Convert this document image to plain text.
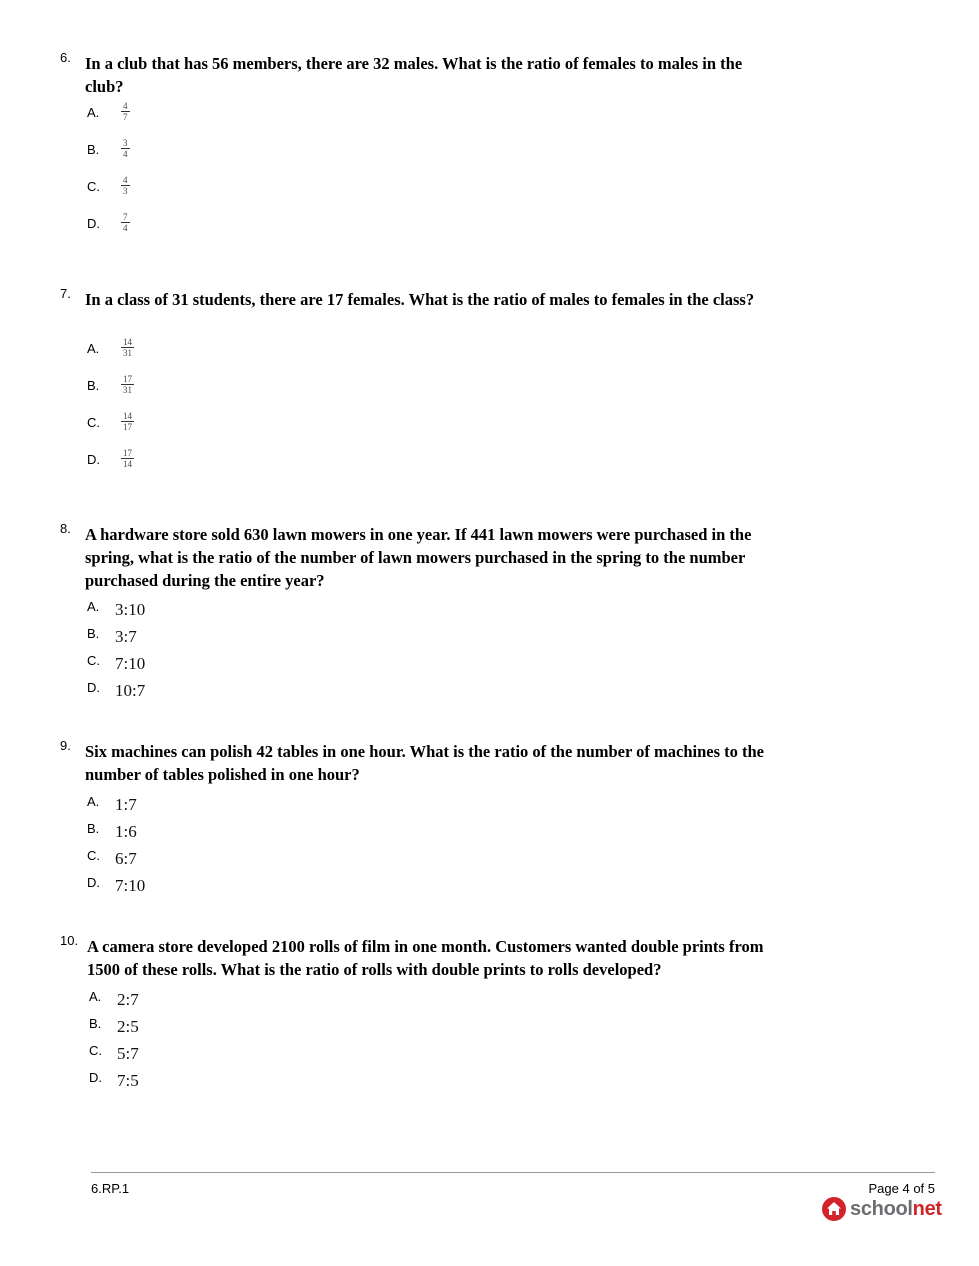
6. In a club that has 56 members, there are 32 males. What is the ratio of females to males in the club?
A. $\frac{4}{7}$
B. $\frac{3}{4}$
C. $\frac{4}{3}$
D. $\frac{7}{4}$
7. In a class of 31 students, there are 17 females. What is the ratio of males to females in the class?
A. $\frac{14}{31}$
B. $\frac{17}{31}$
C. $\frac{14}{17}$
D. $\frac{17}{14}$
8. A hardware store sold 630 lawn mowers in one year. If 441 lawn mowers were purchased in the spring, what is the ratio of the number of lawn mowers purchased in the spring to the number purchased during the entire year?
A. 3:10
B. 3:7
C. 7:10
D. 10:7
9. Six machines can polish 42 tables in one hour. What is the ratio of the number of machines to the number of tables polished in one hour?
A. 1:7
B. 1:6
C. 6:7
D. 7:10
10. A camera store developed 2100 rolls of film in one month. Customers wanted double prints from 1500 of these rolls. What is the ratio of rolls with double prints to rolls developed?
A. 2:7
B. 2:5
C. 5:7
D. 7:5
6.RP.1	Page 4 of 5
schoolnet
